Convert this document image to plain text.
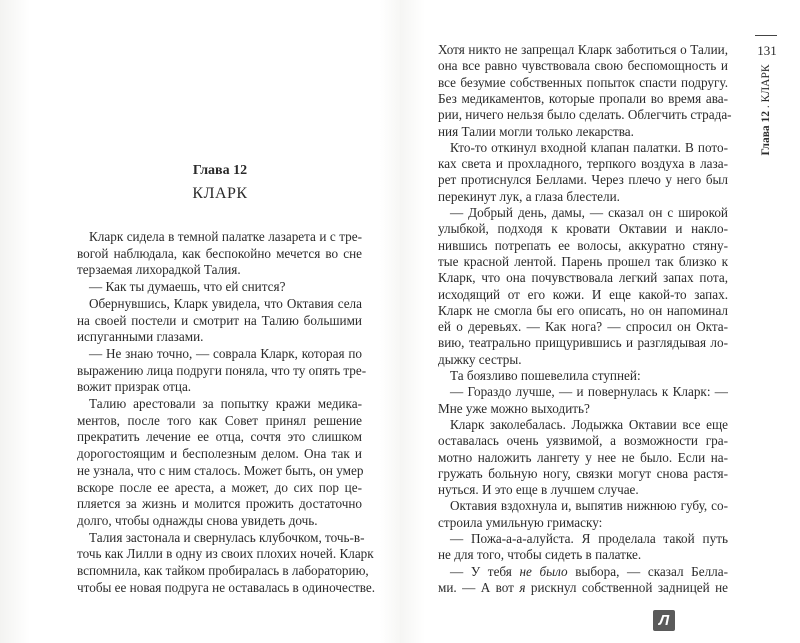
Глава 12
КЛАРК
Кларк сидела в темной палатке лазарета и с тре-
вогой наблюдала, как беспокойно мечется во сне
терзаемая лихорадкой Талия.
— Как ты думаешь, что ей снится?
Обернувшись, Кларк увидела, что Октавия села
на своей постели и смотрит на Талию большими
испуганными глазами.
— Не знаю точно, — соврала Кларк, которая по
выражению лица подруги поняла, что ту опять тре-
вожит призрак отца.
Талию арестовали за попытку кражи медика-
ментов, после того как Совет принял решение
прекратить лечение ее отца, сочтя это слишком
дорогостоящим и бесполезным делом. Она так и
не узнала, что с ним сталось. Может быть, он умер
вскоре после ее ареста, а может, до сих пор це-
пляется за жизнь и молится прожить достаточно
долго, чтобы однажды снова увидеть дочь.
Талия застонала и свернулась клубочком, точь-в-
точь как Лилли в одну из своих плохих ночей. Кларк
вспомнила, как тайком пробиралась в лабораторию,
чтобы ее новая подруга не оставалась в одиночестве.
Хотя никто не запрещал Кларк заботиться о Талии,
она все равно чувствовала свою беспомощность и
все безумие собственных попыток спасти подругу.
Без медикаментов, которые пропали во время ава-
рии, ничего нельзя было сделать. Облегчить страда-
ния Талии могли только лекарства.
Кто-то откинул входной клапан палатки. В пото-
ках света и прохладного, терпкого воздуха в лаза-
рет протиснулся Беллами. Через плечо у него был
перекинут лук, а глаза блестели.
— Добрый день, дамы, — сказал он с широкой
улыбкой, подходя к кровати Октавии и накло-
нившись потрепать ее волосы, аккуратно стяну-
тые красной лентой. Парень прошел так близко к
Кларк, что она почувствовала легкий запах пота,
исходящий от его кожи. И еще какой-то запах.
Кларк не смогла бы его описать, но он напоминал
ей о деревьях. — Как нога? — спросил он Окта-
вию, театрально прищурившись и разглядывая ло-
дыжку сестры.
Та боязливо пошевелила ступней:
— Гораздо лучше, — и повернулась к Кларк: —
Мне уже можно выходить?
Кларк заколебалась. Лодыжка Октавии все еще
оставалась очень уязвимой, а возможности гра-
мотно наложить лангету у нее не было. Если на-
гружать больную ногу, связки могут снова растя-
нуться. И это еще в лучшем случае.
Октавия вздохнула и, выпятив нижнюю губу, со-
строила умильную гримаску:
— Пожа-а-а-алуйста. Я проделала такой путь
не для того, чтобы сидеть в палатке.
— У тебя не было выбора, — сказал Белла-
ми. — А вот я рискнул собственной задницей не
131
Глава 12 . КЛАРК
Л
